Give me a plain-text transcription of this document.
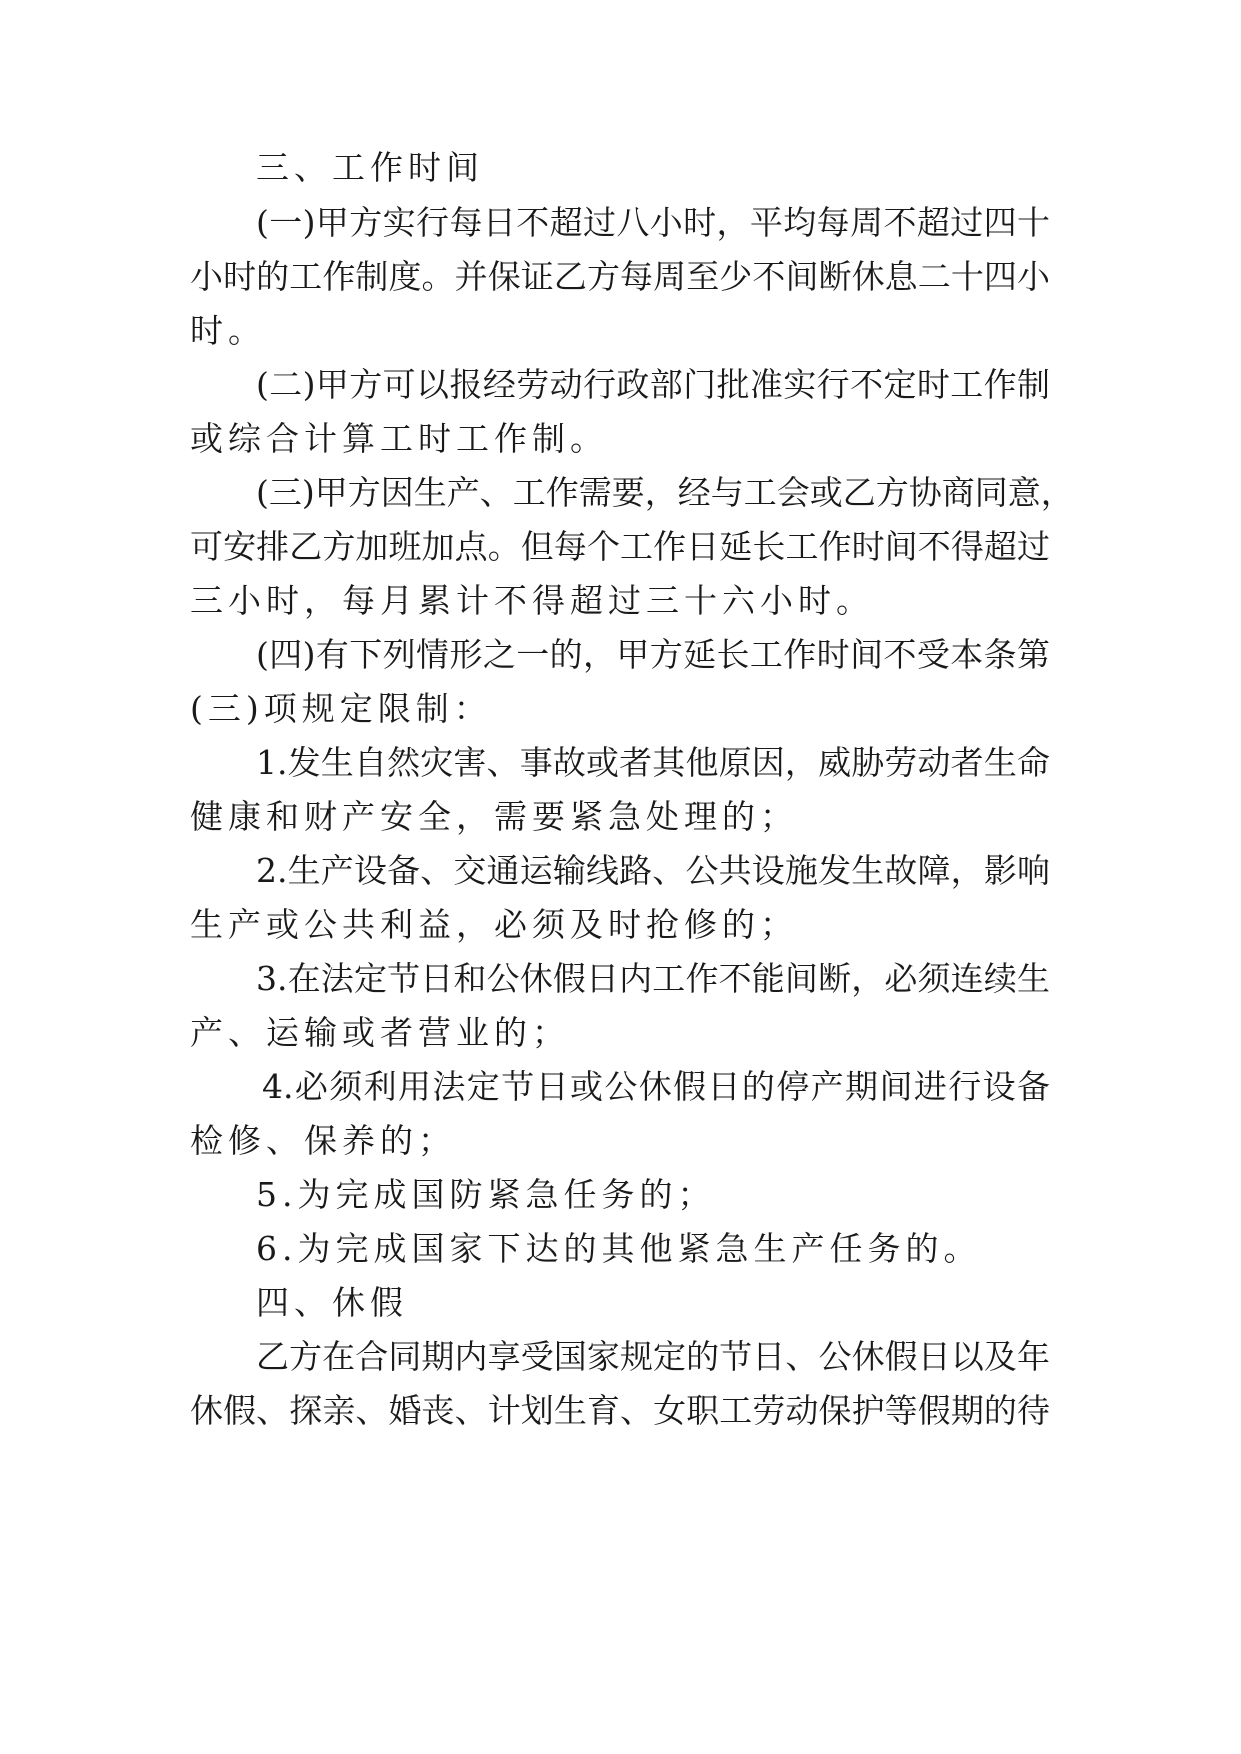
三、工作时间
(一)甲方实行每日不超过八小时，平均每周不超过四十
小时的工作制度。并保证乙方每周至少不间断休息二十四小
时。
(二)甲方可以报经劳动行政部门批准实行不定时工作制
或综合计算工时工作制。
(三)甲方因生产、工作需要，经与工会或乙方协商同意，
可安排乙方加班加点。但每个工作日延长工作时间不得超过
三小时，每月累计不得超过三十六小时。
(四)有下列情形之一的，甲方延长工作时间不受本条第
(三)项规定限制：
1.发生自然灾害、事故或者其他原因，威胁劳动者生命
健康和财产安全，需要紧急处理的；
2.生产设备、交通运输线路、公共设施发生故障，影响
生产或公共利益，必须及时抢修的；
3.在法定节日和公休假日内工作不能间断，必须连续生
产、运输或者营业的；
4.必须利用法定节日或公休假日的停产期间进行设备
检修、保养的；
5.为完成国防紧急任务的；
6.为完成国家下达的其他紧急生产任务的。
四、休假
乙方在合同期内享受国家规定的节日、公休假日以及年
休假、探亲、婚丧、计划生育、女职工劳动保护等假期的待
